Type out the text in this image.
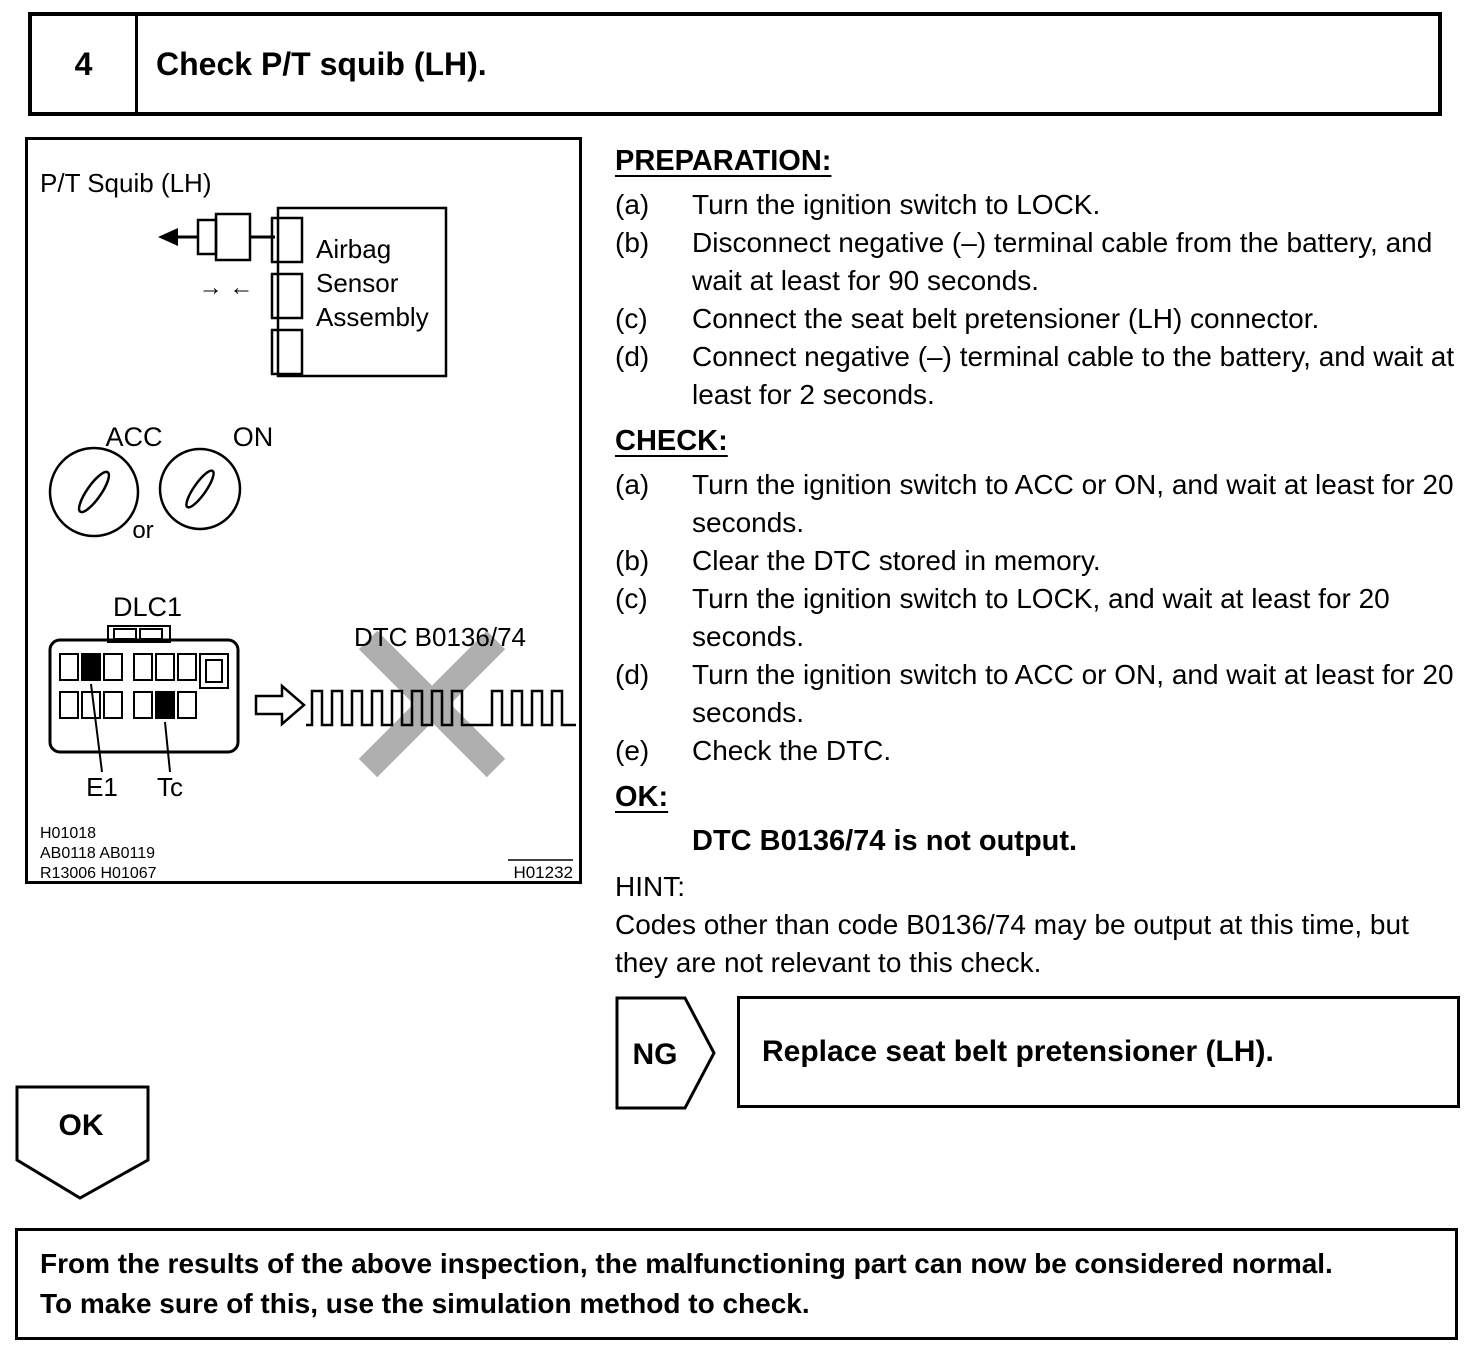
4	Check P/T squib (LH).
P/T Squib (LH)
Airbag
Sensor
Assembly
→ ←
ACC	ON
or
DLC1
E1 Tc
DTC B0136/74
H01018
AB0118 AB0119
R13006 H01067	H01232
PREPARATION:
(a)	Turn the ignition switch to LOCK.
(b)	Disconnect negative (–) terminal cable from the battery, and wait at least for 90 seconds.
(c)	Connect the seat belt pretensioner (LH) connector.
(d)	Connect negative (–) terminal cable to the battery, and wait at least for 2 seconds.
CHECK:
(a)	Turn the ignition switch to ACC or ON, and wait at least for 20 seconds.
(b)	Clear the DTC stored in memory.
(c)	Turn the ignition switch to LOCK, and wait at least for 20 seconds.
(d)	Turn the ignition switch to ACC or ON, and wait at least for 20 seconds.
(e)	Check the DTC.
OK:
DTC B0136/74 is not output.
HINT:
Codes other than code B0136/74 may be output at this time, but they are not relevant to this check.
NG	Replace seat belt pretensioner (LH).
OK
From the results of the above inspection, the malfunctioning part can now be considered normal.
To make sure of this, use the simulation method to check.
